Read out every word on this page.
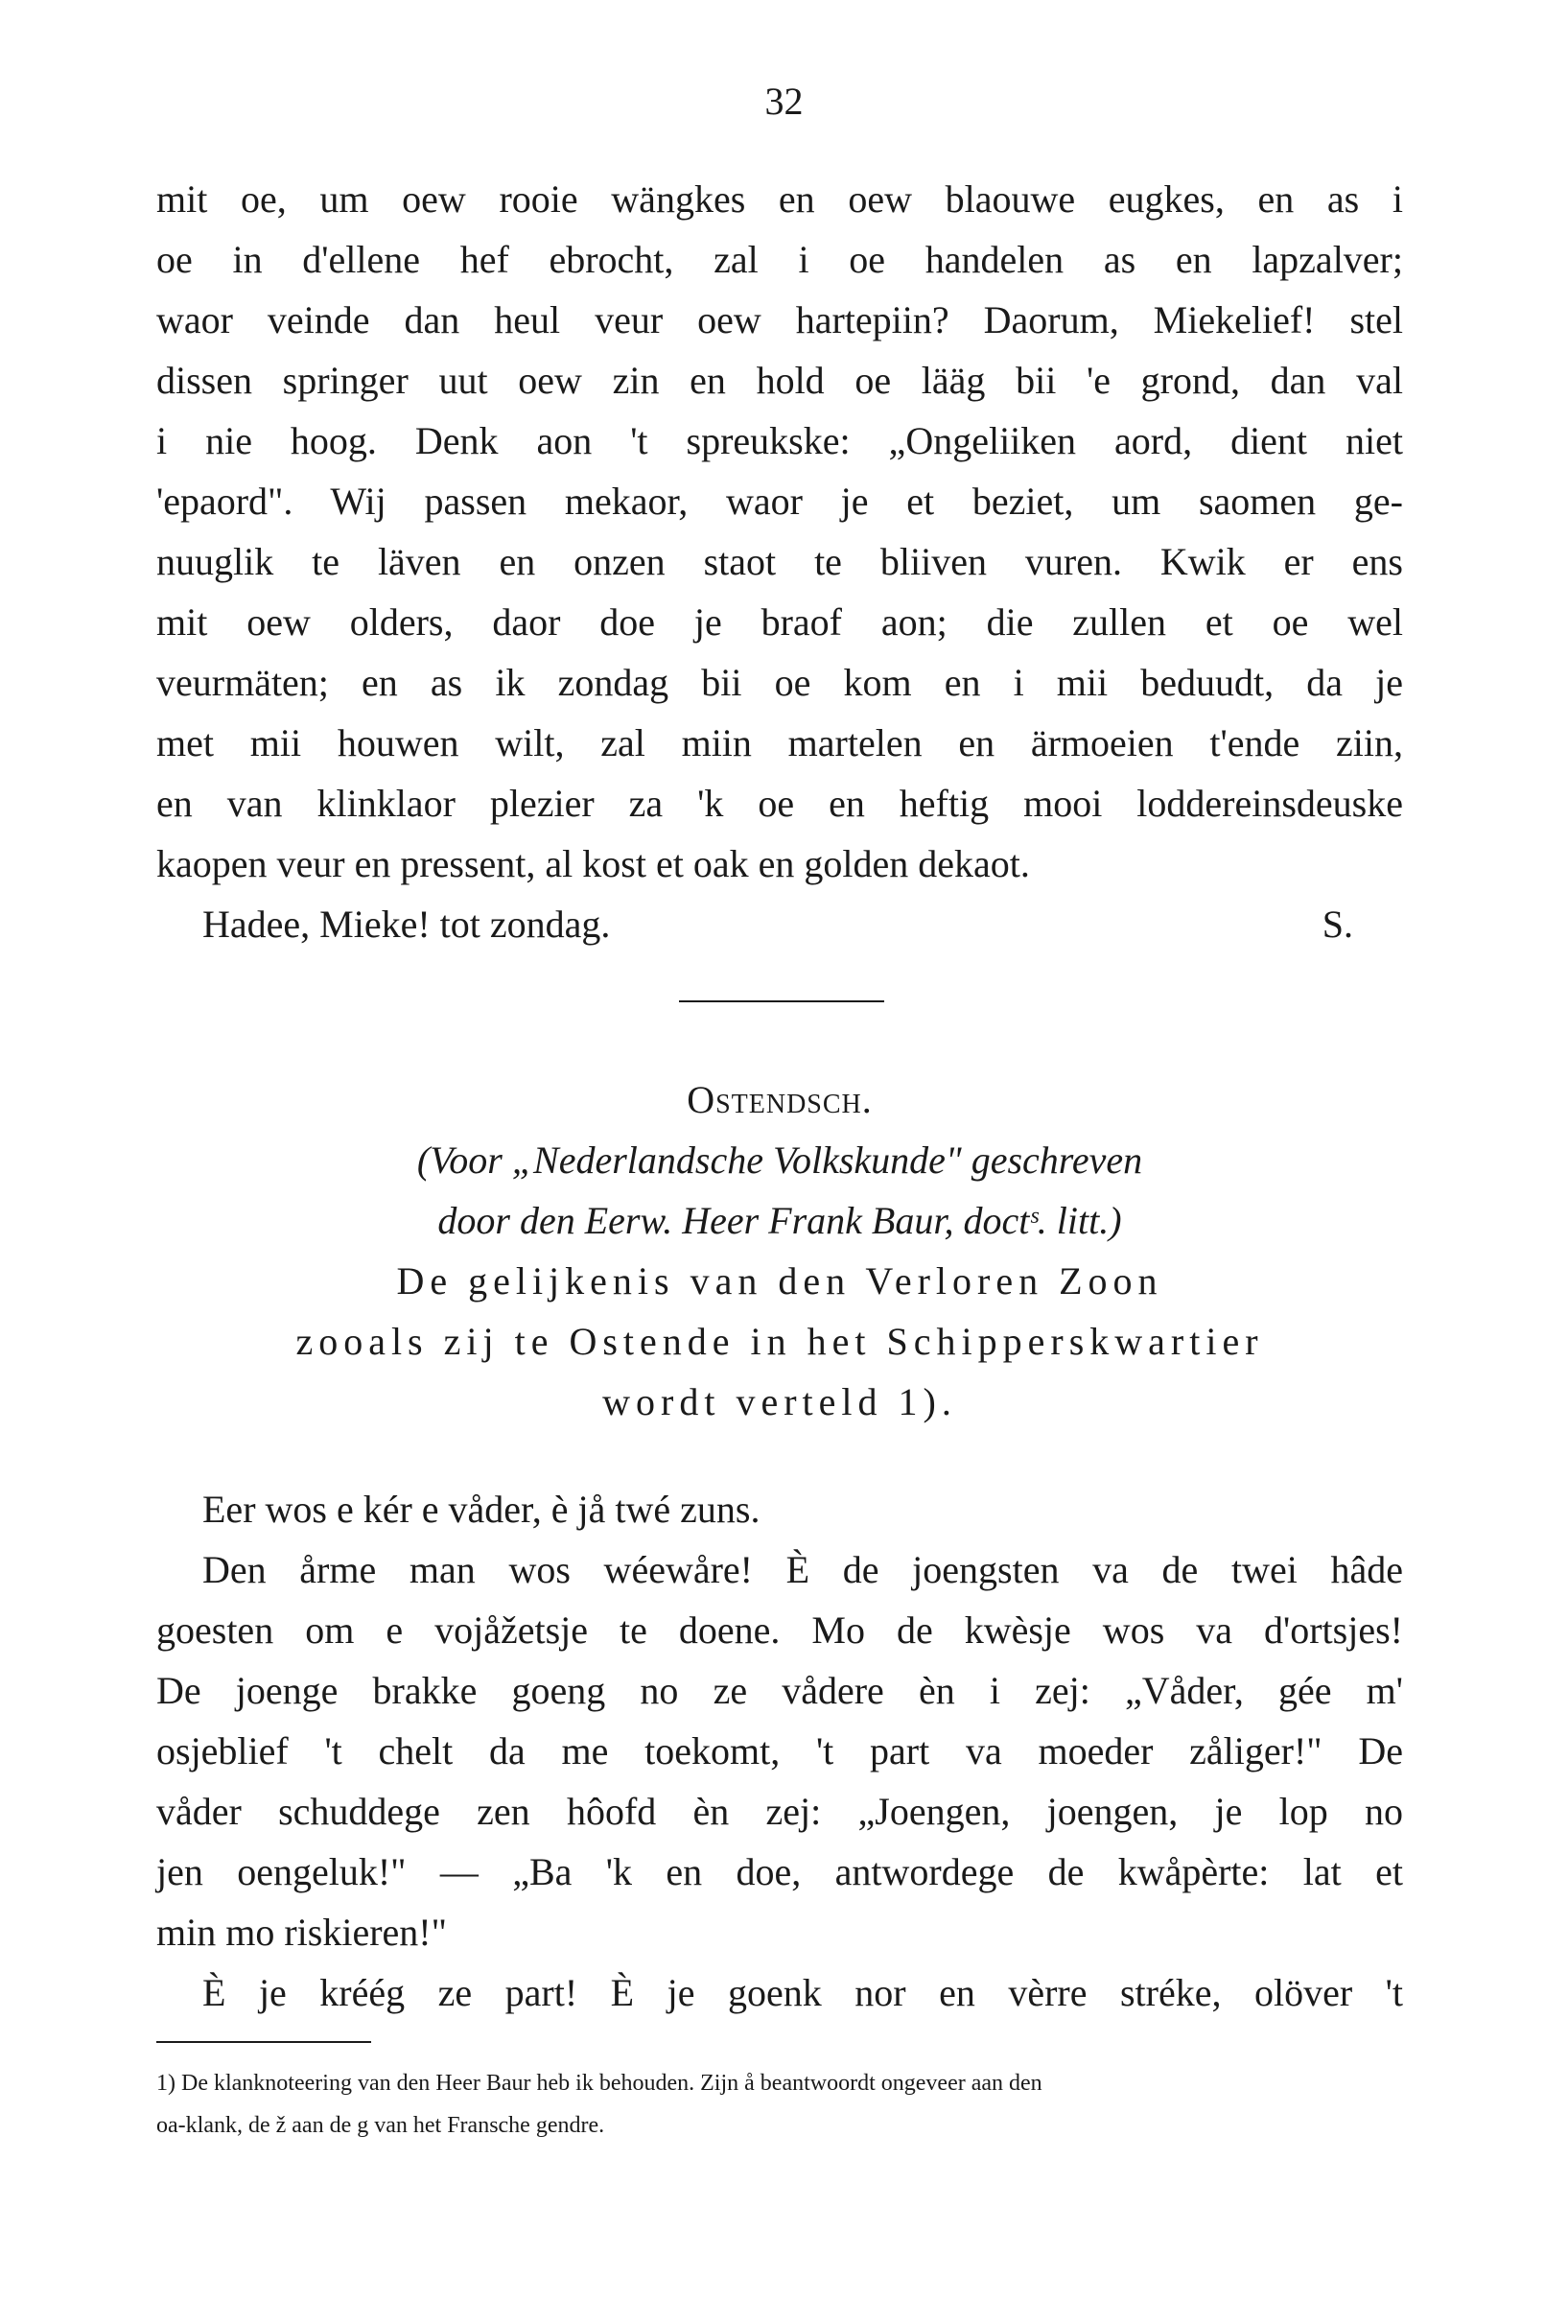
32
mit oe, um oew rooie wängkes en oew blaouwe eugkes, en as i
oe in d'ellene hef ebrocht, zal i oe handelen as en lapzalver;
waor veinde dan heul veur oew hartepiin? Daorum, Miekelief! stel
dissen springer uut oew zin en hold oe lääg bii 'e grond, dan val
i nie hoog. Denk aon 't spreukske: „Ongeliiken aord, dient niet
'epaord". Wij passen mekaor, waor je et beziet, um saomen ge-
nuuglik te läven en onzen staot te bliiven vuren. Kwik er ens
mit oew olders, daor doe je braof aon; die zullen et oe wel
veurmäten; en as ik zondag bii oe kom en i mii beduudt, da je
met mii houwen wilt, zal miin martelen en ärmoeien t'ende ziin,
en van klinklaor plezier za 'k oe en heftig mooi loddereinsdeuske
kaopen veur en pressent, al kost et oak en golden dekaot.
Hadee, Mieke! tot zondag.	S.
Ostendsch.
(Voor „Nederlandsche Volkskunde" geschreven
door den Eerw. Heer Frank Baur, doctˢ. litt.)
De gelijkenis van den Verloren Zoon
zooals zij te Ostende in het Schipperskwartier
wordt verteld 1).
Eer wos e kér e våder, è jå twé zuns.
Den årme man wos wéewåre! È de joengsten va de twei hâde
goesten om e vojåžetsje te doene. Mo de kwèsje wos va d'ortsjes!
De joenge brakke goeng no ze vådere èn i zej: „Våder, gée m'
osjeblief 't chelt da me toekomt, 't part va moeder zåliger!" De
våder schuddege zen hôofd èn zej: „Joengen, joengen, je lop no
jen oengeluk!" — „Ba 'k en doe, antwordege de kwåpèrte: lat et
min mo riskieren!"
È je kréég ze part! È je goenk nor en vèrre stréke, olöver 't
1) De klanknoteering van den Heer Baur heb ik behouden. Zijn å beantwoordt ongeveer aan den
oa-klank, de ž aan de g van het Fransche gendre.
